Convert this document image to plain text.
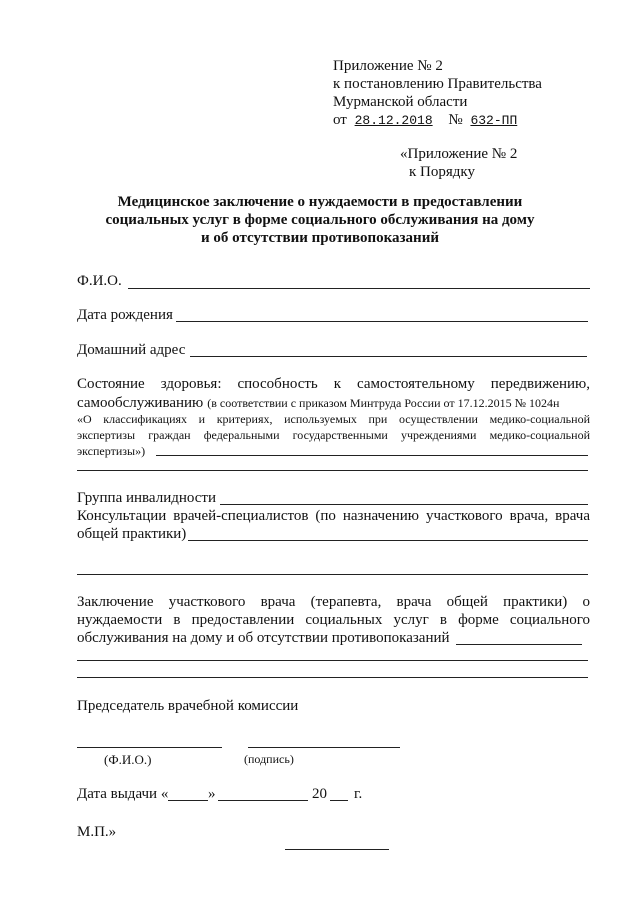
Приложение № 2
к постановлению Правительства
Мурманской области
от 28.12.2018 № 632-ПП
«Приложение № 2
к Порядку
Медицинское заключение о нуждаемости в предоставлении
социальных услуг в форме социального обслуживания на дому
и об отсутствии противопоказаний
Ф.И.О.
Дата рождения
Домашний адрес
Состояние здоровья: способность к самостоятельному передвижению,
самообслуживанию (в соответствии с приказом Минтруда России от 17.12.2015 № 1024н
«О классификациях и критериях, используемых при осуществлении медико-социальной
экспертизы граждан федеральными государственными учреждениями медико-социальной
экспертизы»)
Группа инвалидности
Консультации врачей-специалистов (по назначению участкового врача, врача
общей практики)
Заключение участкового врача (терапевта, врача общей практики) о
нуждаемости в предоставлении социальных услуг в форме социального
обслуживания на дому и об отсутствии противопоказаний
Председатель врачебной комиссии
(Ф.И.О.)	(подпись)
Дата выдачи «	»	20 г.
М.П.»
